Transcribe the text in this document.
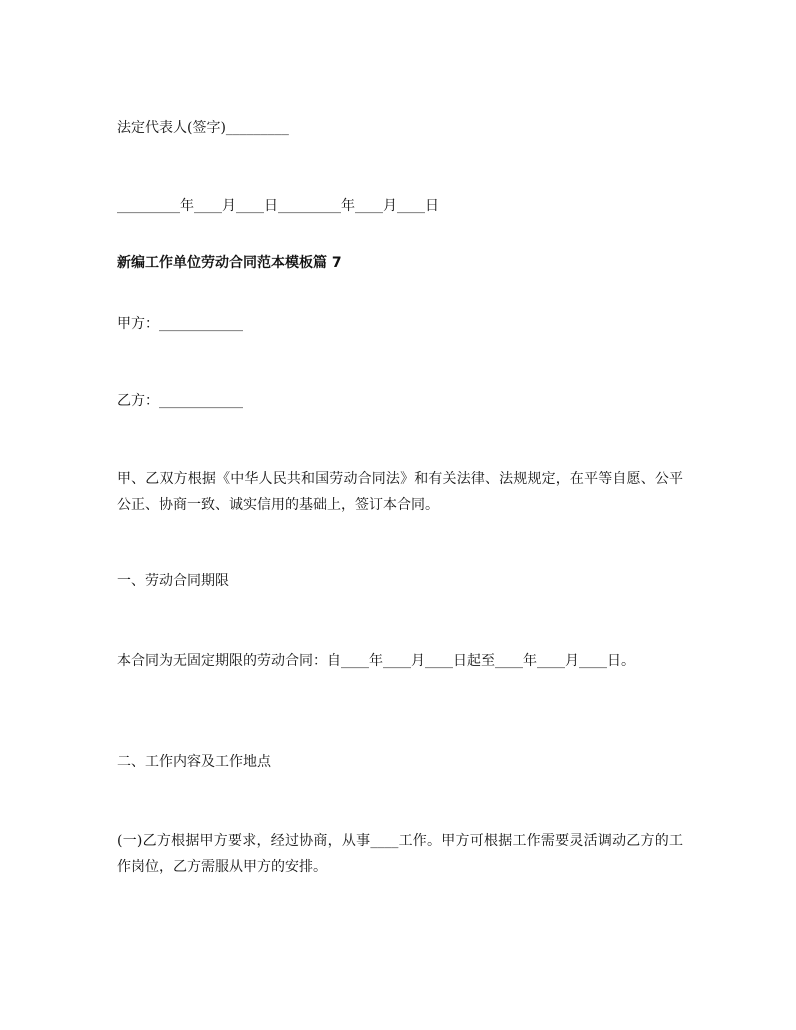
法定代表人(签字)_________
_________年____月____日_________年____月____日
新编工作单位劳动合同范本模板篇 7
甲方：____________
乙方：____________
甲、乙双方根据《中华人民共和国劳动合同法》和有关法律、法规规定，在平等自愿、公平公正、协商一致、诚实信用的基础上，签订本合同。
一、劳动合同期限
本合同为无固定期限的劳动合同：自____年____月____日起至____年____月____日。
二、工作内容及工作地点
(一)乙方根据甲方要求，经过协商，从事____工作。甲方可根据工作需要灵活调动乙方的工作岗位，乙方需服从甲方的安排。
